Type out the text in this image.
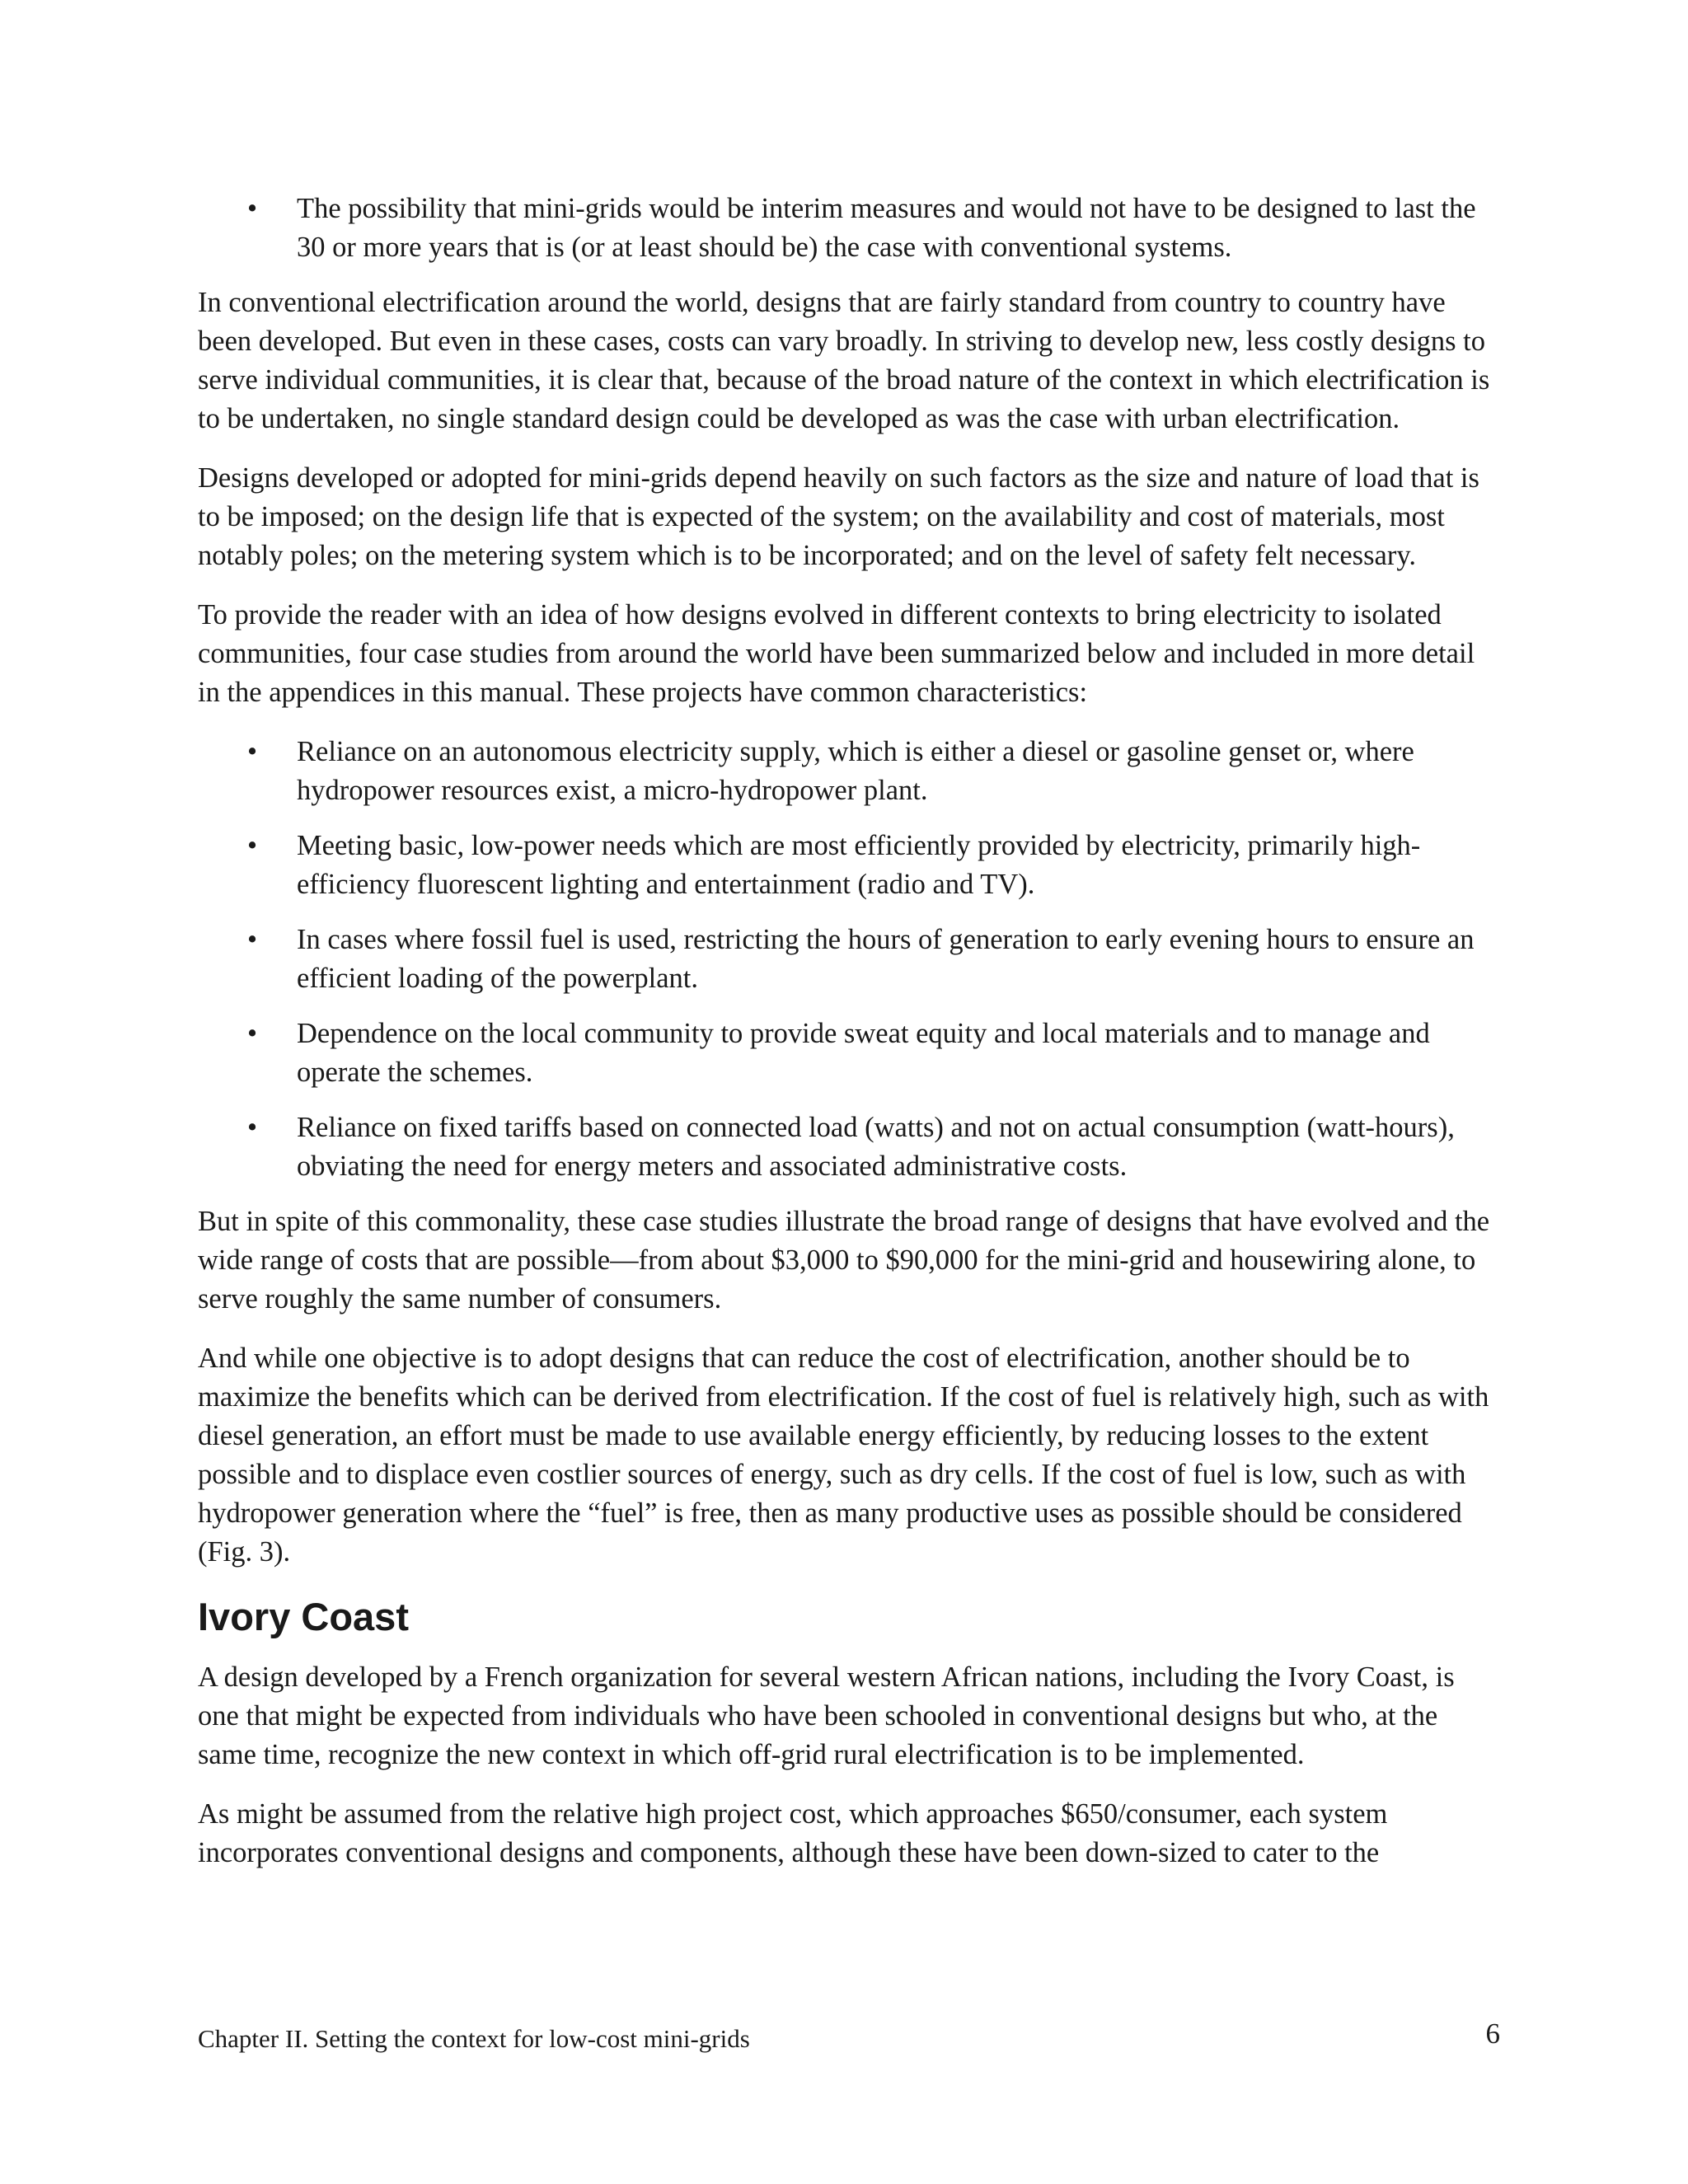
• The possibility that mini-grids would be interim measures and would not have to be designed to last the 30 or more years that is (or at least should be) the case with conventional systems.

In conventional electrification around the world, designs that are fairly standard from country to country have been developed. But even in these cases, costs can vary broadly. In striving to develop new, less costly designs to serve individual communities, it is clear that, because of the broad nature of the context in which electrification is to be undertaken, no single standard design could be developed as was the case with urban electrification.

Designs developed or adopted for mini-grids depend heavily on such factors as the size and nature of load that is to be imposed; on the design life that is expected of the system; on the availability and cost of materials, most notably poles; on the metering system which is to be incorporated; and on the level of safety felt necessary.

To provide the reader with an idea of how designs evolved in different contexts to bring electricity to isolated communities, four case studies from around the world have been summarized below and included in more detail in the appendices in this manual. These projects have common characteristics:

• Reliance on an autonomous electricity supply, which is either a diesel or gasoline genset or, where hydropower resources exist, a micro-hydropower plant.
• Meeting basic, low-power needs which are most efficiently provided by electricity, primarily high-efficiency fluorescent lighting and entertainment (radio and TV).
• In cases where fossil fuel is used, restricting the hours of generation to early evening hours to ensure an efficient loading of the powerplant.
• Dependence on the local community to provide sweat equity and local materials and to manage and operate the schemes.
• Reliance on fixed tariffs based on connected load (watts) and not on actual consumption (watt-hours), obviating the need for energy meters and associated administrative costs.

But in spite of this commonality, these case studies illustrate the broad range of designs that have evolved and the wide range of costs that are possible—from about $3,000 to $90,000 for the mini-grid and housewiring alone, to serve roughly the same number of consumers.

And while one objective is to adopt designs that can reduce the cost of electrification, another should be to maximize the benefits which can be derived from electrification. If the cost of fuel is relatively high, such as with diesel generation, an effort must be made to use available energy efficiently, by reducing losses to the extent possible and to displace even costlier sources of energy, such as dry cells. If the cost of fuel is low, such as with hydropower generation where the “fuel” is free, then as many productive uses as possible should be considered (Fig. 3).

Ivory Coast

A design developed by a French organization for several western African nations, including the Ivory Coast, is one that might be expected from individuals who have been schooled in conventional designs but who, at the same time, recognize the new context in which off-grid rural electrification is to be implemented.

As might be assumed from the relative high project cost, which approaches $650/consumer, each system incorporates conventional designs and components, although these have been down-sized to cater to the

Chapter II. Setting the context for low-cost mini-grids	6
